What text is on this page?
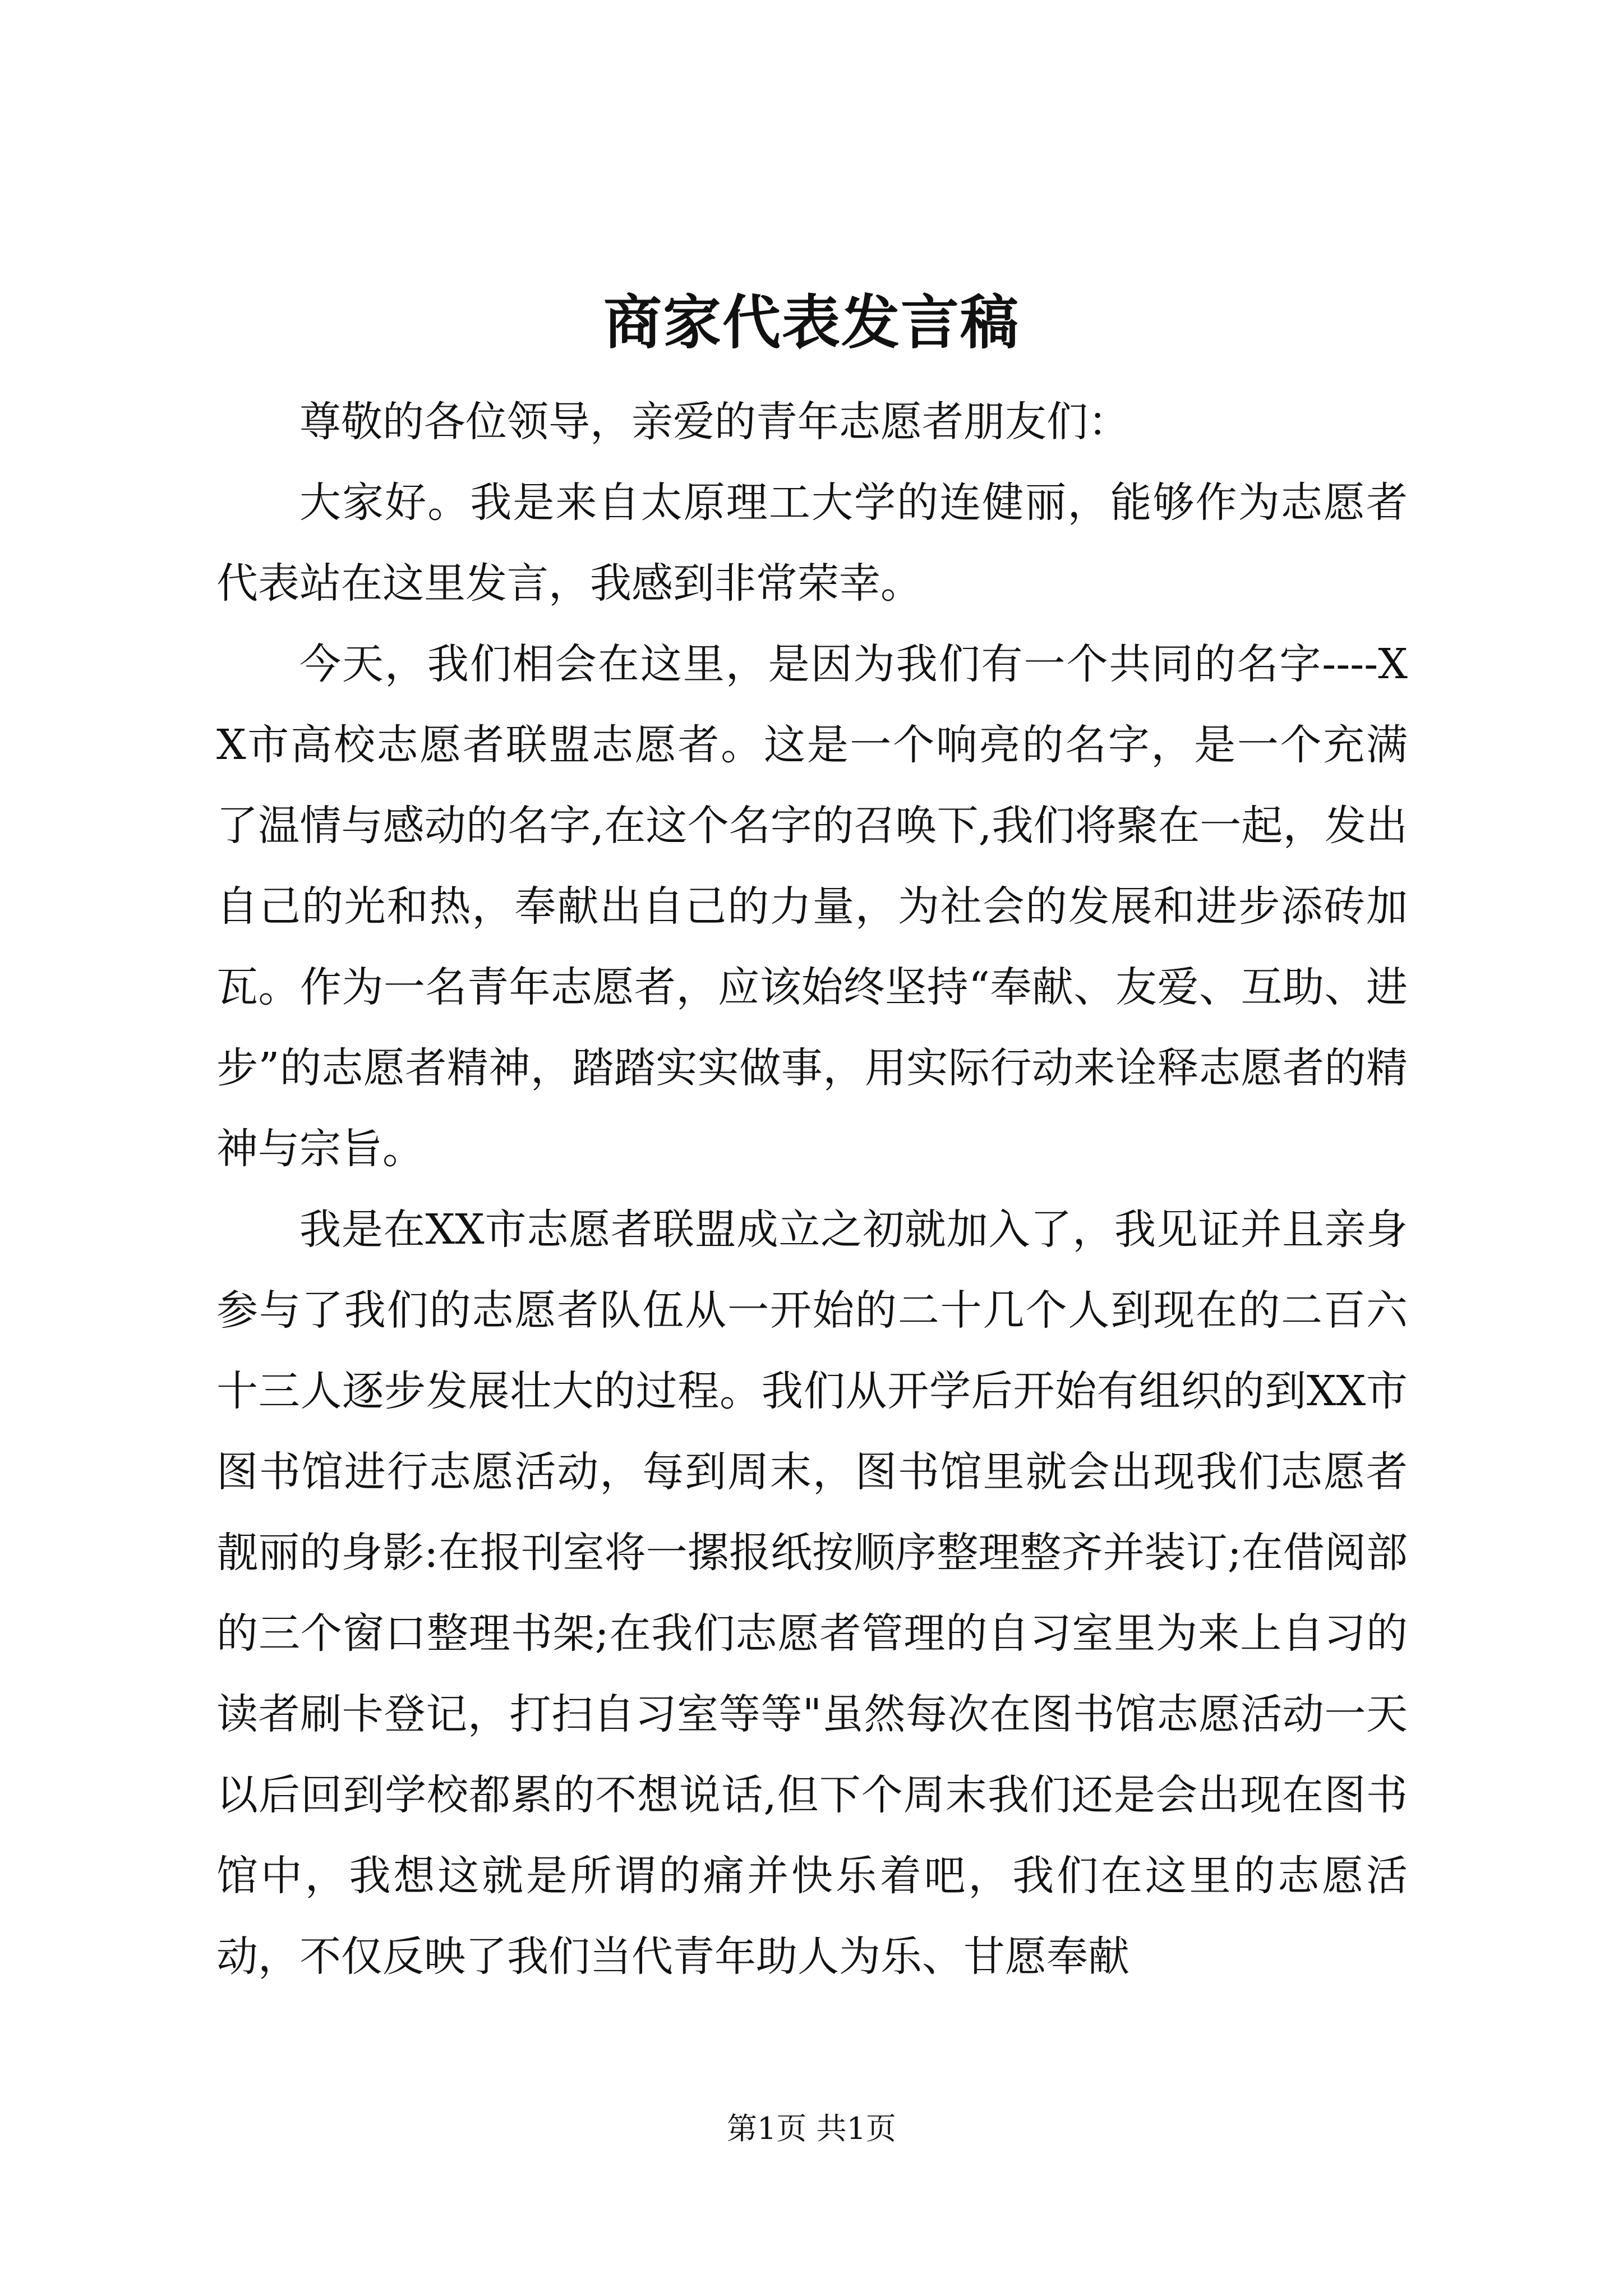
商家代表发言稿

尊敬的各位领导，亲爱的青年志愿者朋友们：

大家好。我是来自太原理工大学的连健丽，能够作为志愿者代表站在这里发言，我感到非常荣幸。

今天，我们相会在这里，是因为我们有一个共同的名字----XX市高校志愿者联盟志愿者。这是一个响亮的名字，是一个充满了温情与感动的名字,在这个名字的召唤下,我们将聚在一起，发出自己的光和热，奉献出自己的力量，为社会的发展和进步添砖加瓦。作为一名青年志愿者，应该始终坚持“奉献、友爱、互助、进步”的志愿者精神，踏踏实实做事，用实际行动来诠释志愿者的精神与宗旨。

我是在XX市志愿者联盟成立之初就加入了，我见证并且亲身参与了我们的志愿者队伍从一开始的二十几个人到现在的二百六十三人逐步发展壮大的过程。我们从开学后开始有组织的到XX市图书馆进行志愿活动，每到周末，图书馆里就会出现我们志愿者靓丽的身影:在报刊室将一摞报纸按顺序整理整齐并装订;在借阅部的三个窗口整理书架;在我们志愿者管理的自习室里为来上自习的读者刷卡登记，打扫自习室等等"虽然每次在图书馆志愿活动一天以后回到学校都累的不想说话,但下个周末我们还是会出现在图书馆中，我想这就是所谓的痛并快乐着吧，我们在这里的志愿活动，不仅反映了我们当代青年助人为乐、甘愿奉献

第1页 共1页
